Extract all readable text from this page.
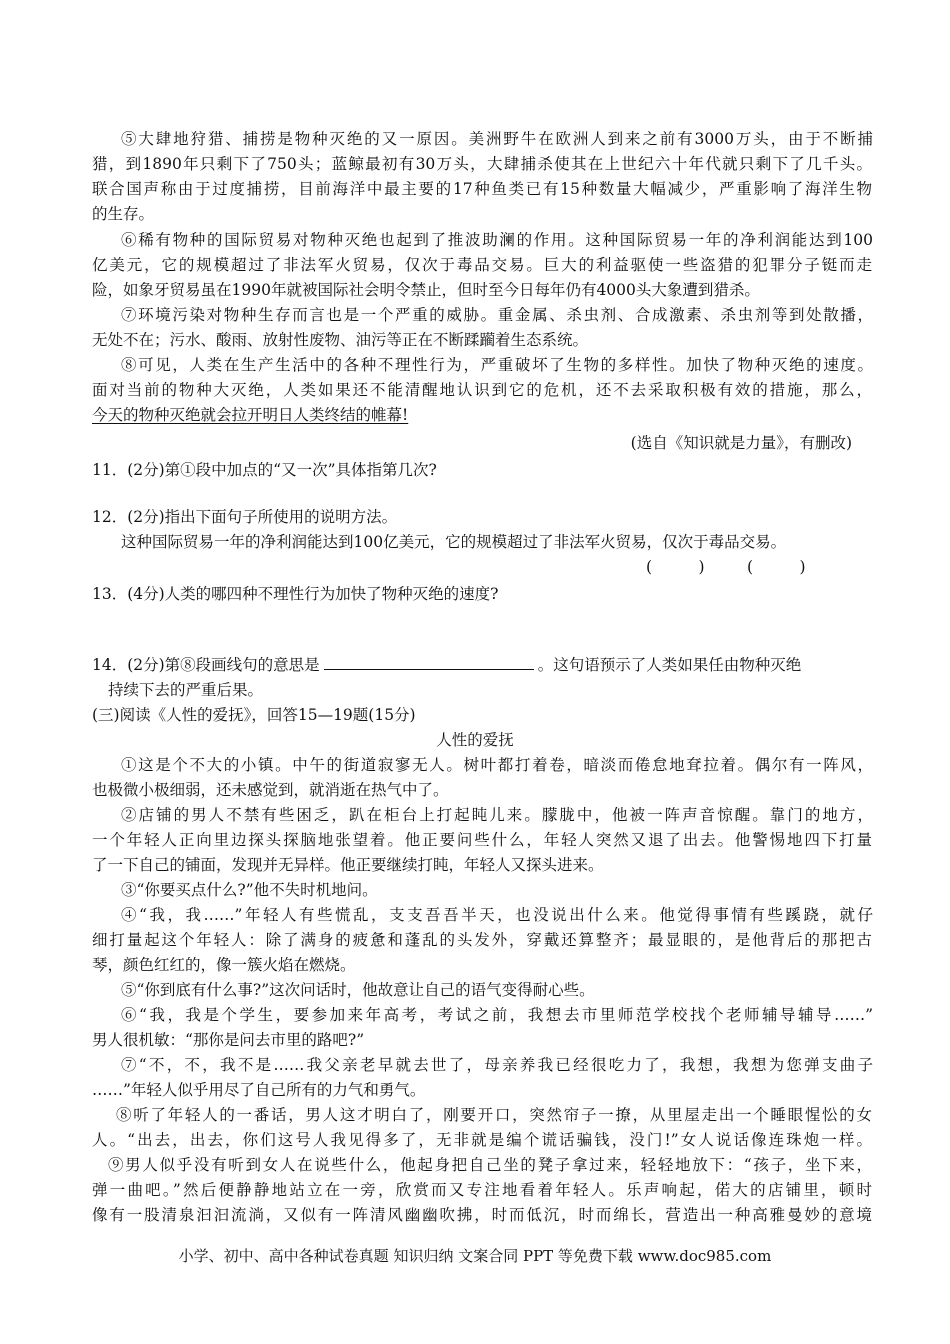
⑤大肆地狩猎、捕捞是物种灭绝的又一原因。美洲野牛在欧洲人到来之前有3000万头，由于不断捕
猎，到1890年只剩下了750头；蓝鲸最初有30万头，大肆捕杀使其在上世纪六十年代就只剩下了几千头。
联合国声称由于过度捕捞，目前海洋中最主要的17种鱼类已有15种数量大幅减少，严重影响了海洋生物
的生存。
⑥稀有物种的国际贸易对物种灭绝也起到了推波助澜的作用。这种国际贸易一年的净利润能达到100
亿美元，它的规模超过了非法军火贸易，仅次于毒品交易。巨大的利益驱使一些盗猎的犯罪分子铤而走
险，如象牙贸易虽在1990年就被国际社会明令禁止，但时至今日每年仍有4000头大象遭到猎杀。
⑦环境污染对物种生存而言也是一个严重的威胁。重金属、杀虫剂、合成激素、杀虫剂等到处散播，
无处不在；污水、酸雨、放射性废物、油污等正在不断蹂躏着生态系统。
⑧可见，人类在生产生活中的各种不理性行为，严重破坏了生物的多样性。加快了物种灭绝的速度。
面对当前的物种大灭绝，人类如果还不能清醒地认识到它的危机，还不去采取积极有效的措施，那么，
今天的物种灭绝就会拉开明日人类终结的帷幕!
(选自《知识就是力量》，有删改)
11．(2分)第①段中加点的“又一次”具体指第几次?
12．(2分)指出下面句子所使用的说明方法。
这种国际贸易一年的净利润能达到100亿美元，它的规模超过了非法军火贸易，仅次于毒品交易。
(　　　)	(　　　)
13．(4分)人类的哪四种不理性行为加快了物种灭绝的速度?
14．(2分)第⑧段画线句的意思是	。这句语预示了人类如果任由物种灭绝
持续下去的严重后果。
(三)阅读《人性的爱抚》，回答15—19题(15分)
人性的爱抚
①这是个不大的小镇。中午的街道寂寥无人。树叶都打着卷，暗淡而倦怠地耷拉着。偶尔有一阵风，
也极微小极细弱，还未感觉到，就消逝在热气中了。
②店铺的男人不禁有些困乏，趴在柜台上打起盹儿来。朦胧中，他被一阵声音惊醒。靠门的地方，
一个年轻人正向里边探头探脑地张望着。他正要问些什么，年轻人突然又退了出去。他警惕地四下打量
了一下自己的铺面，发现并无异样。他正要继续打盹，年轻人又探头进来。
③“你要买点什么?”他不失时机地问。
④“我，我……”年轻人有些慌乱，支支吾吾半天，也没说出什么来。他觉得事情有些蹊跷，就仔
细打量起这个年轻人：除了满身的疲惫和蓬乱的头发外，穿戴还算整齐；最显眼的，是他背后的那把古
琴，颜色红红的，像一簇火焰在燃烧。
⑤“你到底有什么事?”这次问话时，他故意让自己的语气变得耐心些。
⑥“我，我是个学生，要参加来年高考，考试之前，我想去市里师范学校找个老师辅导辅导……”
男人很机敏：“那你是问去市里的路吧?”
⑦“不，不，我不是……我父亲老早就去世了，母亲养我已经很吃力了，我想，我想为您弹支曲子
……”年轻人似乎用尽了自己所有的力气和勇气。
⑧听了年轻人的一番话，男人这才明白了，刚要开口，突然帘子一撩，从里屋走出一个睡眼惺忪的女
人。“出去，出去，你们这号人我见得多了，无非就是编个谎话骗钱，没门!”女人说话像连珠炮一样。
⑨男人似乎没有听到女人在说些什么，他起身把自己坐的凳子拿过来，轻轻地放下：“孩子，坐下来，
弹一曲吧。”然后便静静地站立在一旁，欣赏而又专注地看着年轻人。乐声响起，偌大的店铺里，顿时
像有一股清泉汩汩流淌，又似有一阵清风幽幽吹拂，时而低沉，时而绵长，营造出一种高雅曼妙的意境
小学、初中、高中各种试卷真题 知识归纳 文案合同 PPT 等免费下载 www.doc985.com
